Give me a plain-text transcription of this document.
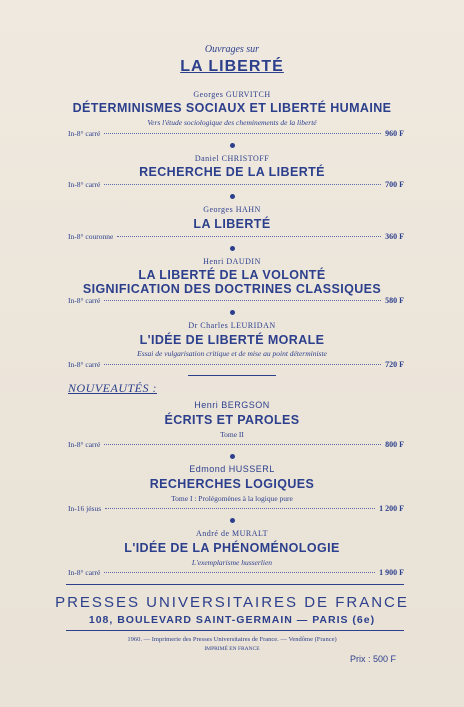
Ouvrages sur
LA LIBERTÉ
Georges GURVITCH
DÉTERMINISMES SOCIAUX ET LIBERTÉ HUMAINE
Vers l'étude sociologique des cheminements de la liberté
In-8° carré	960 F
Daniel CHRISTOFF
RECHERCHE DE LA LIBERTÉ
In-8° carré	700 F
Georges HAHN
LA LIBERTÉ
In-8° couronne	360 F
Henri DAUDIN
LA LIBERTÉ DE LA VOLONTÉ
SIGNIFICATION DES DOCTRINES CLASSIQUES
In-8° carré	580 F
Dr Charles LEURIDAN
L'IDÉE DE LIBERTÉ MORALE
Essai de vulgarisation critique et de mise au point déterministe
In-8° carré	720 F
NOUVEAUTÉS :
Henri BERGSON
ÉCRITS ET PAROLES
Tome II
In-8° carré	800 F
Edmond HUSSERL
RECHERCHES LOGIQUES
Tome I : Prolégomènes à la logique pure
In-16 jésus	1 200 F
André de MURALT
L'IDÉE DE LA PHÉNOMÉNOLOGIE
L'exemplarisme husserlien
In-8° carré	1 900 F
PRESSES UNIVERSITAIRES DE FRANCE
108, BOULEVARD SAINT-GERMAIN — PARIS (6e)
1960. — Imprimerie des Presses Universitaires de France. — Vendôme (France)
IMPRIMÉ EN FRANCE
Prix : 500 F
